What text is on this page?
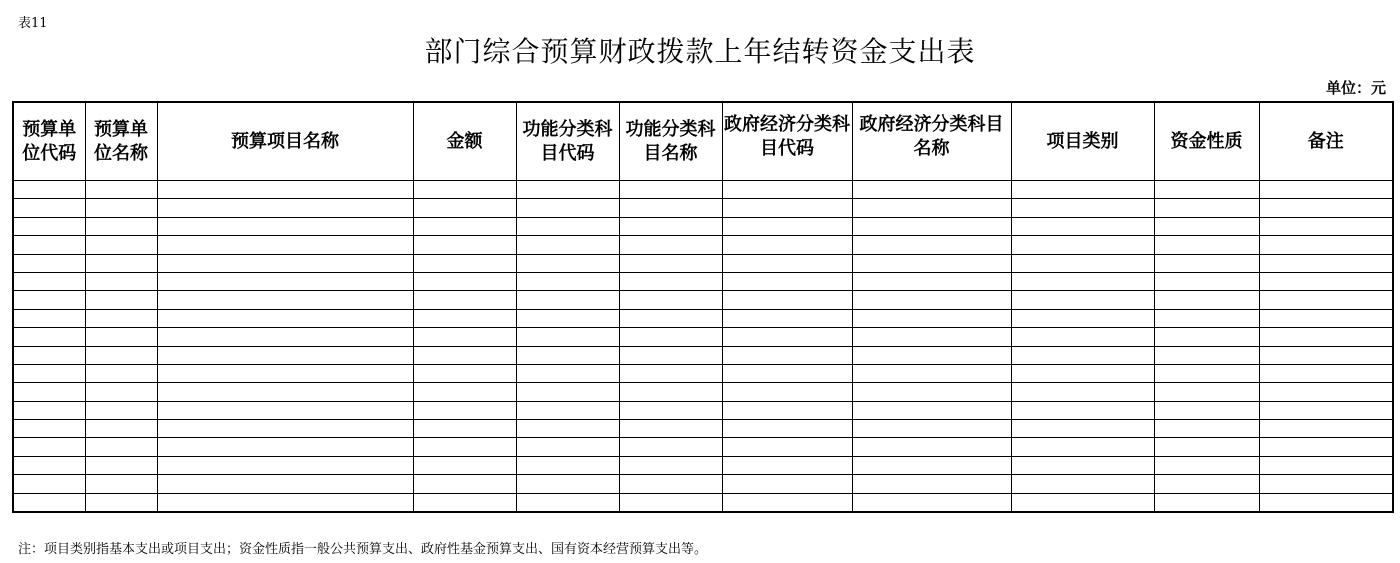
表11
部门综合预算财政拨款上年结转资金支出表
单位：元
预算单位代码	预算单位名称	预算项目名称	金额	功能分类科目代码	功能分类科目名称	政府经济分类科目代码	政府经济分类科目名称	项目类别	资金性质	备注

注：项目类别指基本支出或项目支出；资金性质指一般公共预算支出、政府性基金预算支出、国有资本经营预算支出等。
